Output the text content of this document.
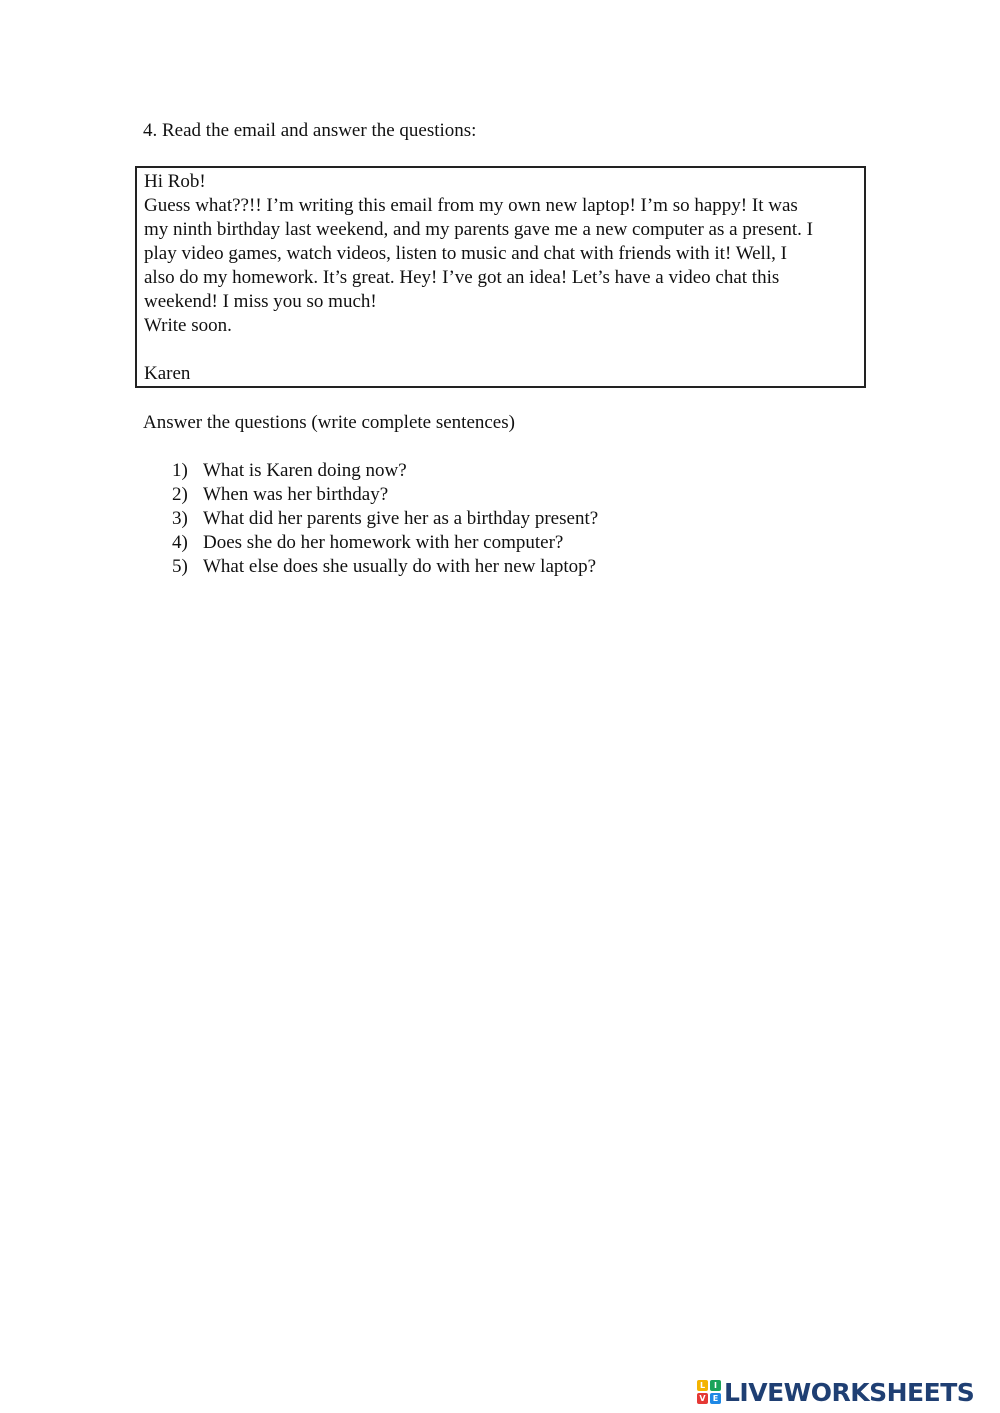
4. Read the email and answer the questions:
Hi Rob!
Guess what??!! I’m writing this email from my own new laptop! I’m so happy! It was
my ninth birthday last weekend, and my parents gave me a new computer as a present. I
play video games, watch videos, listen to music and chat with friends with it! Well, I
also do my homework. It’s great. Hey! I’ve got an idea! Let’s have a video chat this
weekend! I miss you so much!
Write soon.
Karen
Answer the questions (write complete sentences)
1) What is Karen doing now?
2) When was her birthday?
3) What did her parents give her as a birthday present?
4) Does she do her homework with her computer?
5) What else does she usually do with her new laptop?
L	I
V E LIVEWORKSHEETS
